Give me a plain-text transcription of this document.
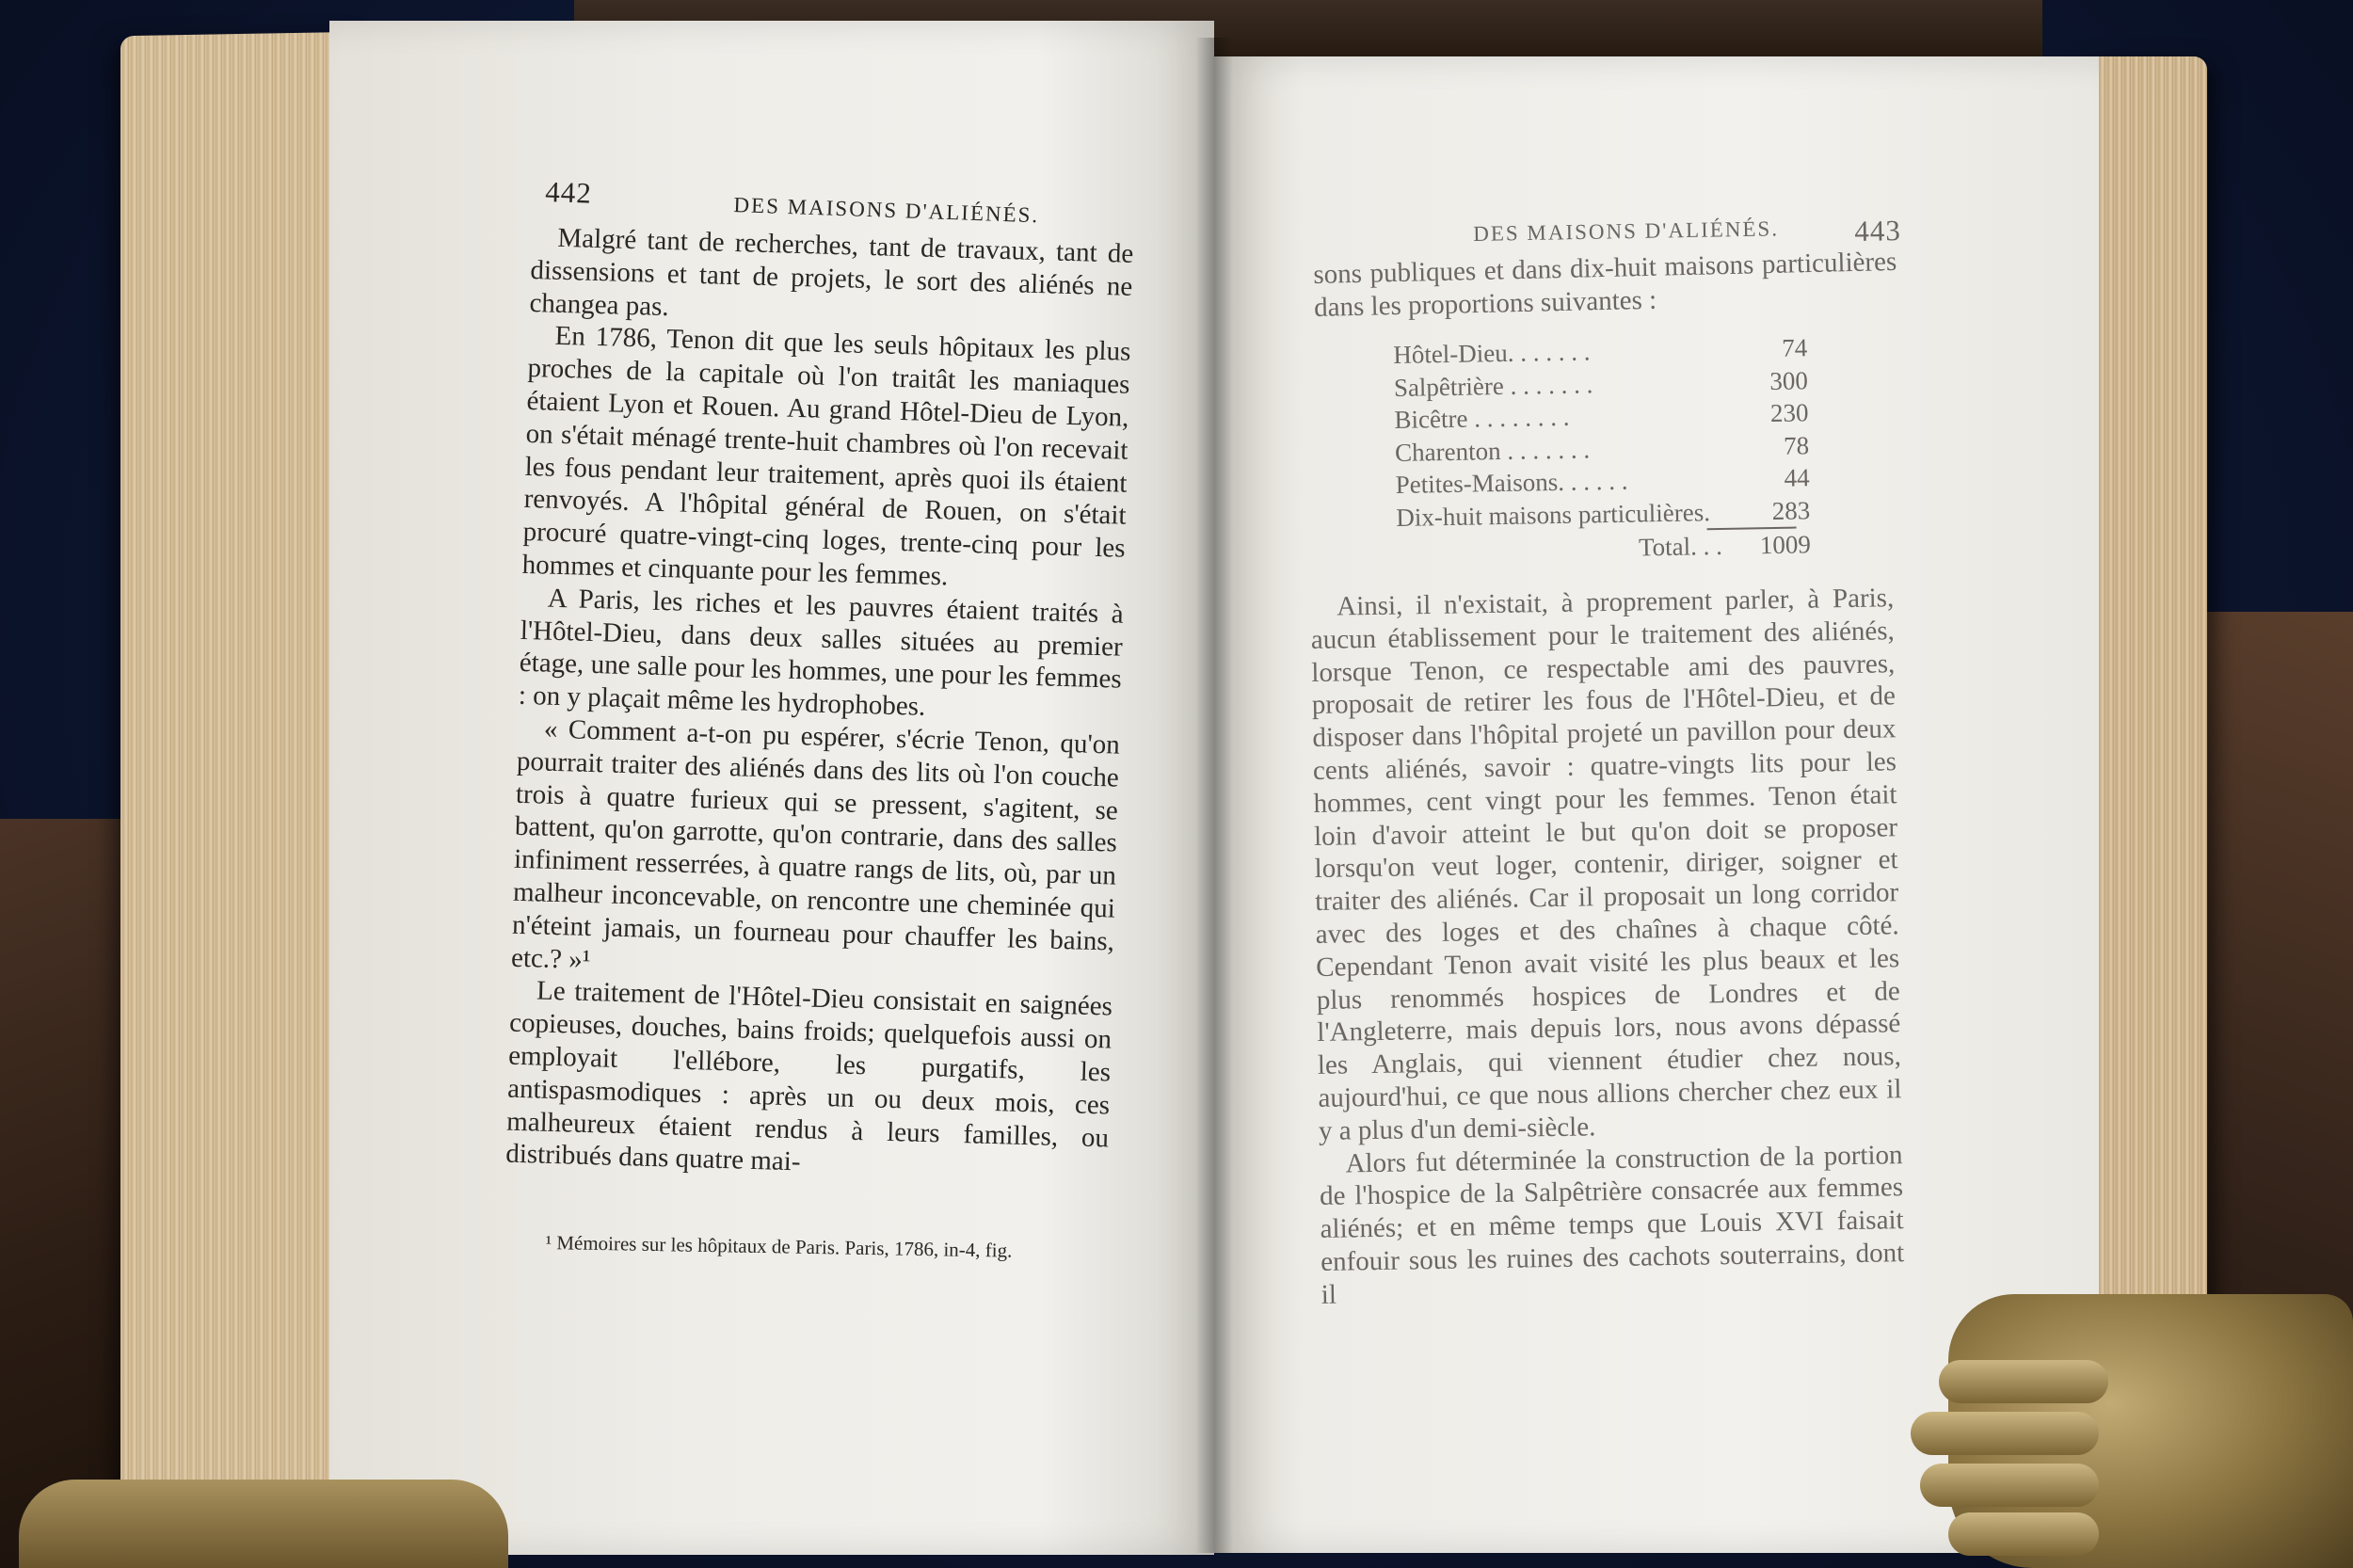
442
DES MAISONS D'ALIÉNÉS.

Malgré tant de recherches, tant de travaux, tant de dissensions et tant de projets, le sort des aliénés ne changea pas.

En 1786, Tenon dit que les seuls hôpitaux les plus proches de la capitale où l'on traitât les maniaques étaient Lyon et Rouen. Au grand Hôtel-Dieu de Lyon, on s'était ménagé trente-huit chambres où l'on recevait les fous pendant leur traitement, après quoi ils étaient renvoyés. A l'hôpital général de Rouen, on s'était procuré quatre-vingt-cinq loges, trente-cinq pour les hommes et cinquante pour les femmes.

A Paris, les riches et les pauvres étaient traités à l'Hôtel-Dieu, dans deux salles situées au premier étage, une salle pour les hommes, une pour les femmes : on y plaçait même les hydrophobes.

« Comment a-t-on pu espérer, s'écrie Tenon, qu'on pourrait traiter des aliénés dans des lits où l'on couche trois à quatre furieux qui se pressent, s'agitent, se battent, qu'on garrotte, qu'on contrarie, dans des salles infiniment resserrées, à quatre rangs de lits, où, par un malheur inconcevable, on rencontre une cheminée qui n'éteint jamais, un fourneau pour chauffer les bains, etc.? »¹

Le traitement de l'Hôtel-Dieu consistait en saignées copieuses, douches, bains froids; quelquefois aussi on employait l'ellébore, les purgatifs, les antispasmodiques : après un ou deux mois, ces malheureux étaient rendus à leurs familles, ou distribués dans quatre mai-

¹ Mémoires sur les hôpitaux de Paris. Paris, 1786, in-4, fig.
DES MAISONS D'ALIÉNÉS.	443

sons publiques et dans dix-huit maisons particulières dans les proportions suivantes :

Hôtel-Dieu. . . . . . .	74
Salpêtrière . . . . . . .	300
Bicêtre . . . . . . . .	230
Charenton . . . . . . .	78
Petites-Maisons. . . . . .	44
Dix-huit maisons particulières.	283
Total. . . 1009

Ainsi, il n'existait, à proprement parler, à Paris, aucun établissement pour le traitement des aliénés, lorsque Tenon, ce respectable ami des pauvres, proposait de retirer les fous de l'Hôtel-Dieu, et de disposer dans l'hôpital projeté un pavillon pour deux cents aliénés, savoir : quatre-vingts lits pour les hommes, cent vingt pour les femmes. Tenon était loin d'avoir atteint le but qu'on doit se proposer lorsqu'on veut loger, contenir, diriger, soigner et traiter des aliénés. Car il proposait un long corridor avec des loges et des chaînes à chaque côté. Cependant Tenon avait visité les plus beaux et les plus renommés hospices de Londres et de l'Angleterre, mais depuis lors, nous avons dépassé les Anglais, qui viennent étudier chez nous, aujourd'hui, ce que nous allions chercher chez eux il y a plus d'un demi-siècle.

Alors fut déterminée la construction de la portion de l'hospice de la Salpêtrière consacrée aux femmes aliénés; et en même temps que Louis XVI faisait enfouir sous les ruines des cachots souterrains, dont il
